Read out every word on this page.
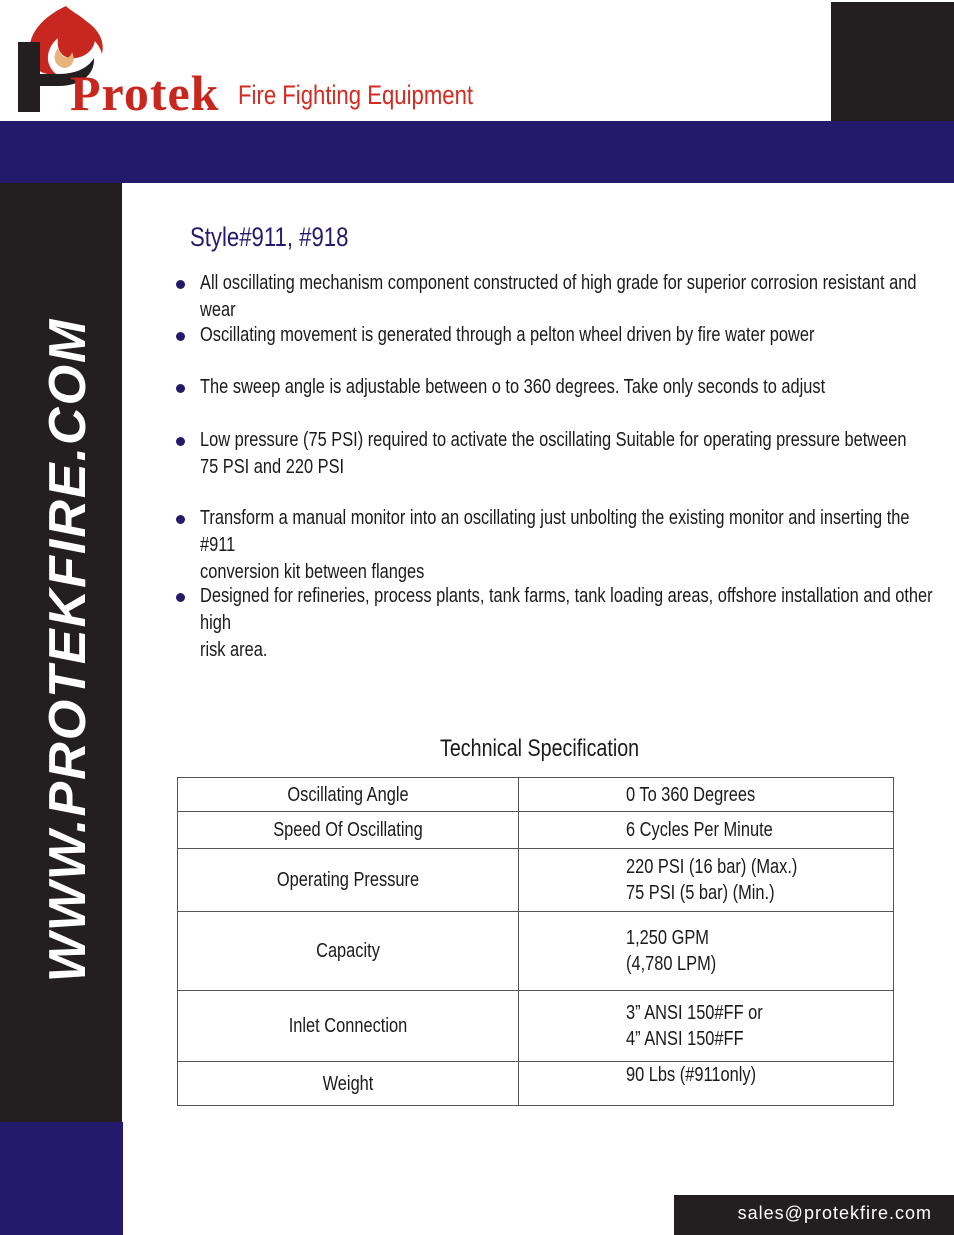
Protek Fire Fighting Equipment
WWW.PROTEKFIRE.COM
Style#911, #918
All oscillating mechanism component constructed of high grade for superior corrosion resistant and wear
Oscillating movement is generated through a pelton wheel driven by fire water power
The sweep angle is adjustable between o to 360 degrees. Take only seconds to adjust
Low pressure (75 PSI) required to activate the oscillating Suitable for operating pressure between
75 PSI and 220 PSI
Transform a manual monitor into an oscillating just unbolting the existing monitor and inserting the #911
conversion kit between flanges
Designed for refineries, process plants, tank farms, tank loading areas, offshore installation and other high
risk area.
Technical Specification
Oscillating Angle	0 To 360 Degrees

Speed Of Oscillating	6 Cycles Per Minute

Operating Pressure	220 PSI (16 bar) (Max.)
75 PSI (5 bar) (Min.)

Capacity	1,250 GPM
(4,780 LPM)

Inlet Connection	3” ANSI 150#FF or
4” ANSI 150#FF

Weight	90 Lbs (#911only)
sales@protekfire.com
